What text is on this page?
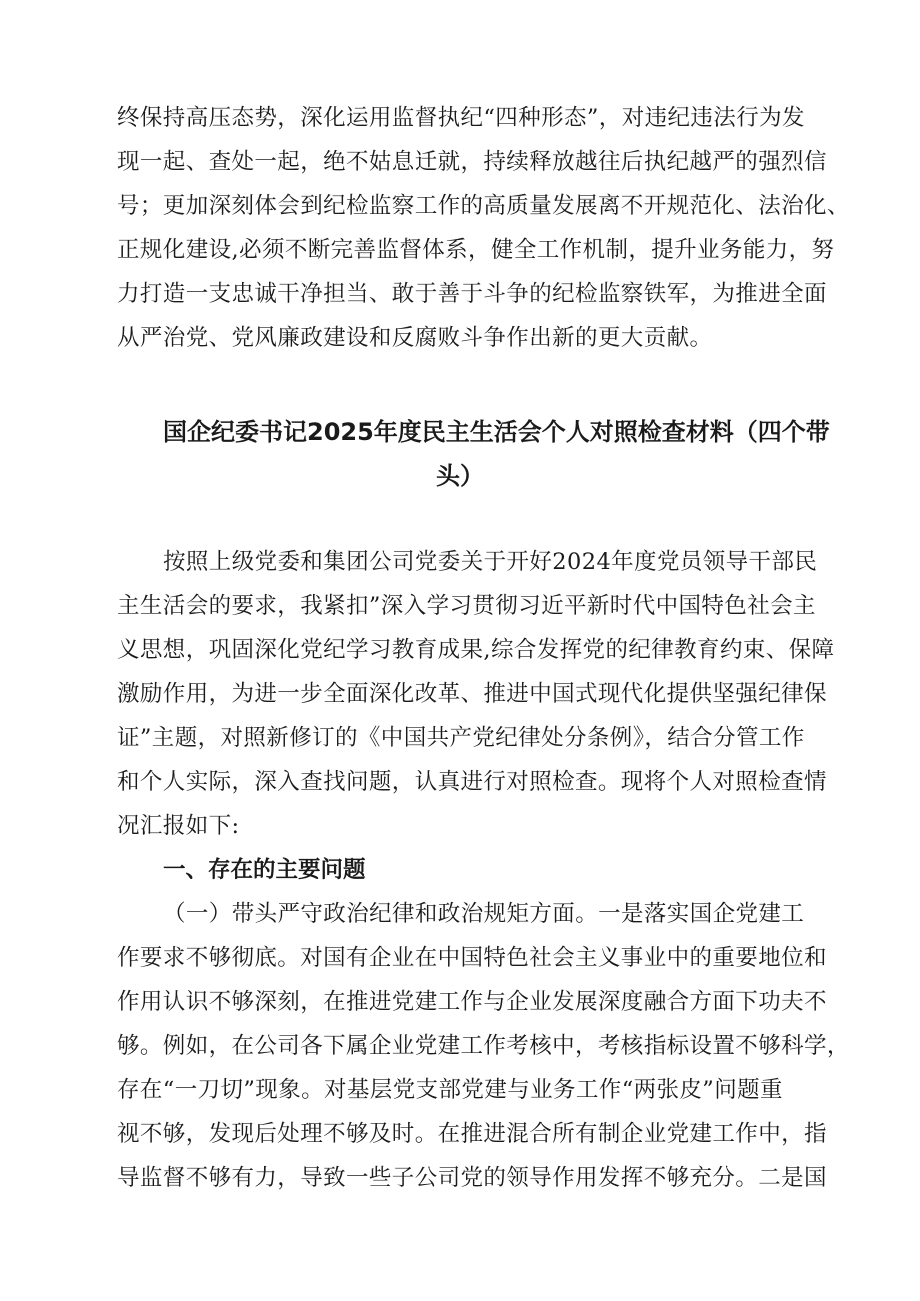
终保持高压态势，深化运用监督执纪“四种形态”，对违纪违法行为发
现一起、查处一起，绝不姑息迁就，持续释放越往后执纪越严的强烈信
号；更加深刻体会到纪检监察工作的高质量发展离不开规范化、法治化、
正规化建设,必须不断完善监督体系，健全工作机制，提升业务能力，努
力打造一支忠诚干净担当、敢于善于斗争的纪检监察铁军，为推进全面
从严治党、党风廉政建设和反腐败斗争作出新的更大贡献。
国企纪委书记2025年度民主生活会个人对照检查材料（四个带
头）
按照上级党委和集团公司党委关于开好2024年度党员领导干部民
主生活会的要求，我紧扣”深入学习贯彻习近平新时代中国特色社会主
义思想，巩固深化党纪学习教育成果,综合发挥党的纪律教育约束、保障
激励作用，为进一步全面深化改革、推进中国式现代化提供坚强纪律保
证”主题，对照新修订的《中国共产党纪律处分条例》，结合分管工作
和个人实际，深入查找问题，认真进行对照检查。现将个人对照检查情
况汇报如下:
一、存在的主要问题
（一）带头严守政治纪律和政治规矩方面。一是落实国企党建工
作要求不够彻底。对国有企业在中国特色社会主义事业中的重要地位和
作用认识不够深刻，在推进党建工作与企业发展深度融合方面下功夫不
够。例如，在公司各下属企业党建工作考核中，考核指标设置不够科学，
存在“一刀切”现象。对基层党支部党建与业务工作“两张皮”问题重
视不够，发现后处理不够及时。在推进混合所有制企业党建工作中，指
导监督不够有力，导致一些子公司党的领导作用发挥不够充分。二是国
